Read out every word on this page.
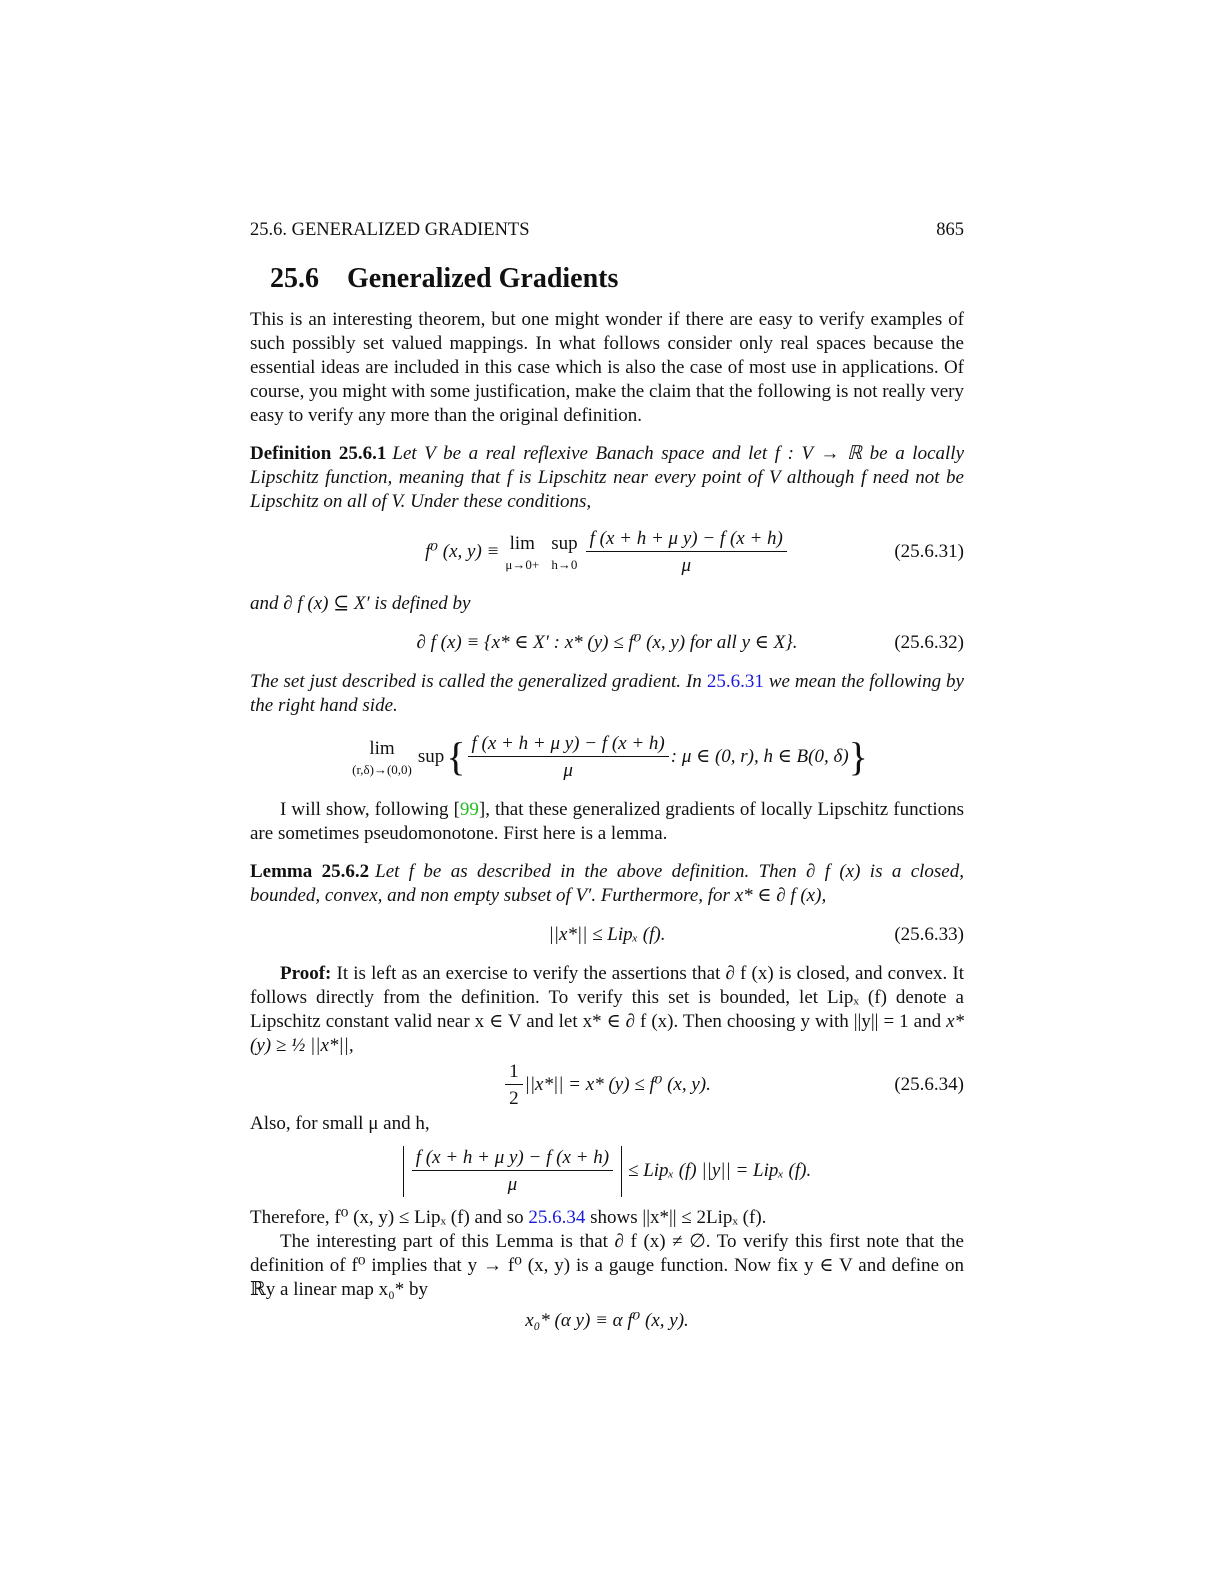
25.6. GENERALIZED GRADIENTS	865
25.6 Generalized Gradients

This is an interesting theorem, but one might wonder if there are easy to verify examples of such possibly set valued mappings. In what follows consider only real spaces because the essential ideas are included in this case which is also the case of most use in applications. Of course, you might with some justification, make the claim that the following is not really very easy to verify any more than the original definition.

Definition 25.6.1 Let V be a real reflexive Banach space and let f : V → ℝ be a locally Lipschitz function, meaning that f is Lipschitz near every point of V although f need not be Lipschitz on all of V. Under these conditions,

f⁰ (x, y) ≡ lim
μ→0+
sup
$h\to 0 \frac{\text{f (x + h + μ y) − f (x + h)}}{\mu}$	(25.6.31)

and ∂ f (x) ⊆ X′ is defined by

∂ f (x) ≡ {x* ∈ X′ : x* (y) ≤ f⁰ (x, y) for all y ∈ X}.	(25.6.32)

The set just described is called the generalized gradient. In 25.6.31 we mean the following by the right hand side.

lim
(r,δ)→(0,0)
sup { $\frac{\text{f (x + h + μ y) − f (x + h)}}{\mu}$ : μ ∈ (0, r), h ∈ B(0, δ) }

I will show, following [99], that these generalized gradients of locally Lipschitz functions are sometimes pseudomonotone. First here is a lemma.

Lemma 25.6.2 Let f be as described in the above definition. Then ∂ f (x) is a closed, bounded, convex, and non empty subset of V′. Furthermore, for x* ∈ ∂ f (x),

||x*|| ≤ Lipₓ (f).	(25.6.33)

Proof: It is left as an exercise to verify the assertions that ∂ f (x) is closed, and convex. It follows directly from the definition. To verify this set is bounded, let Lipₓ (f) denote a Lipschitz constant valid near x ∈ V and let x* ∈ ∂ f (x). Then choosing y with ||y|| = 1 and x* (y) ≥ ½ ||x*||,

$\frac{1}{2} ||x*|| = x*$ (y) ≤ f⁰ (x, y).	(25.6.34)

Also, for small μ and h,

$\frac{\text{f (x + h + μ y) − f (x + h)}}{\mu} \le Lip_x$ (f) ||y|| = Lipₓ (f).

Therefore, f⁰ (x, y) ≤ Lipₓ (f) and so 25.6.34 shows ||x*|| ≤ 2Lipₓ (f).

The interesting part of this Lemma is that ∂ f (x) ≠ ∅. To verify this first note that the definition of f⁰ implies that y → f⁰ (x, y) is a gauge function. Now fix y ∈ V and define on ℝy a linear map x₀* by

x₀* (α y) ≡ α f⁰ (x, y).
